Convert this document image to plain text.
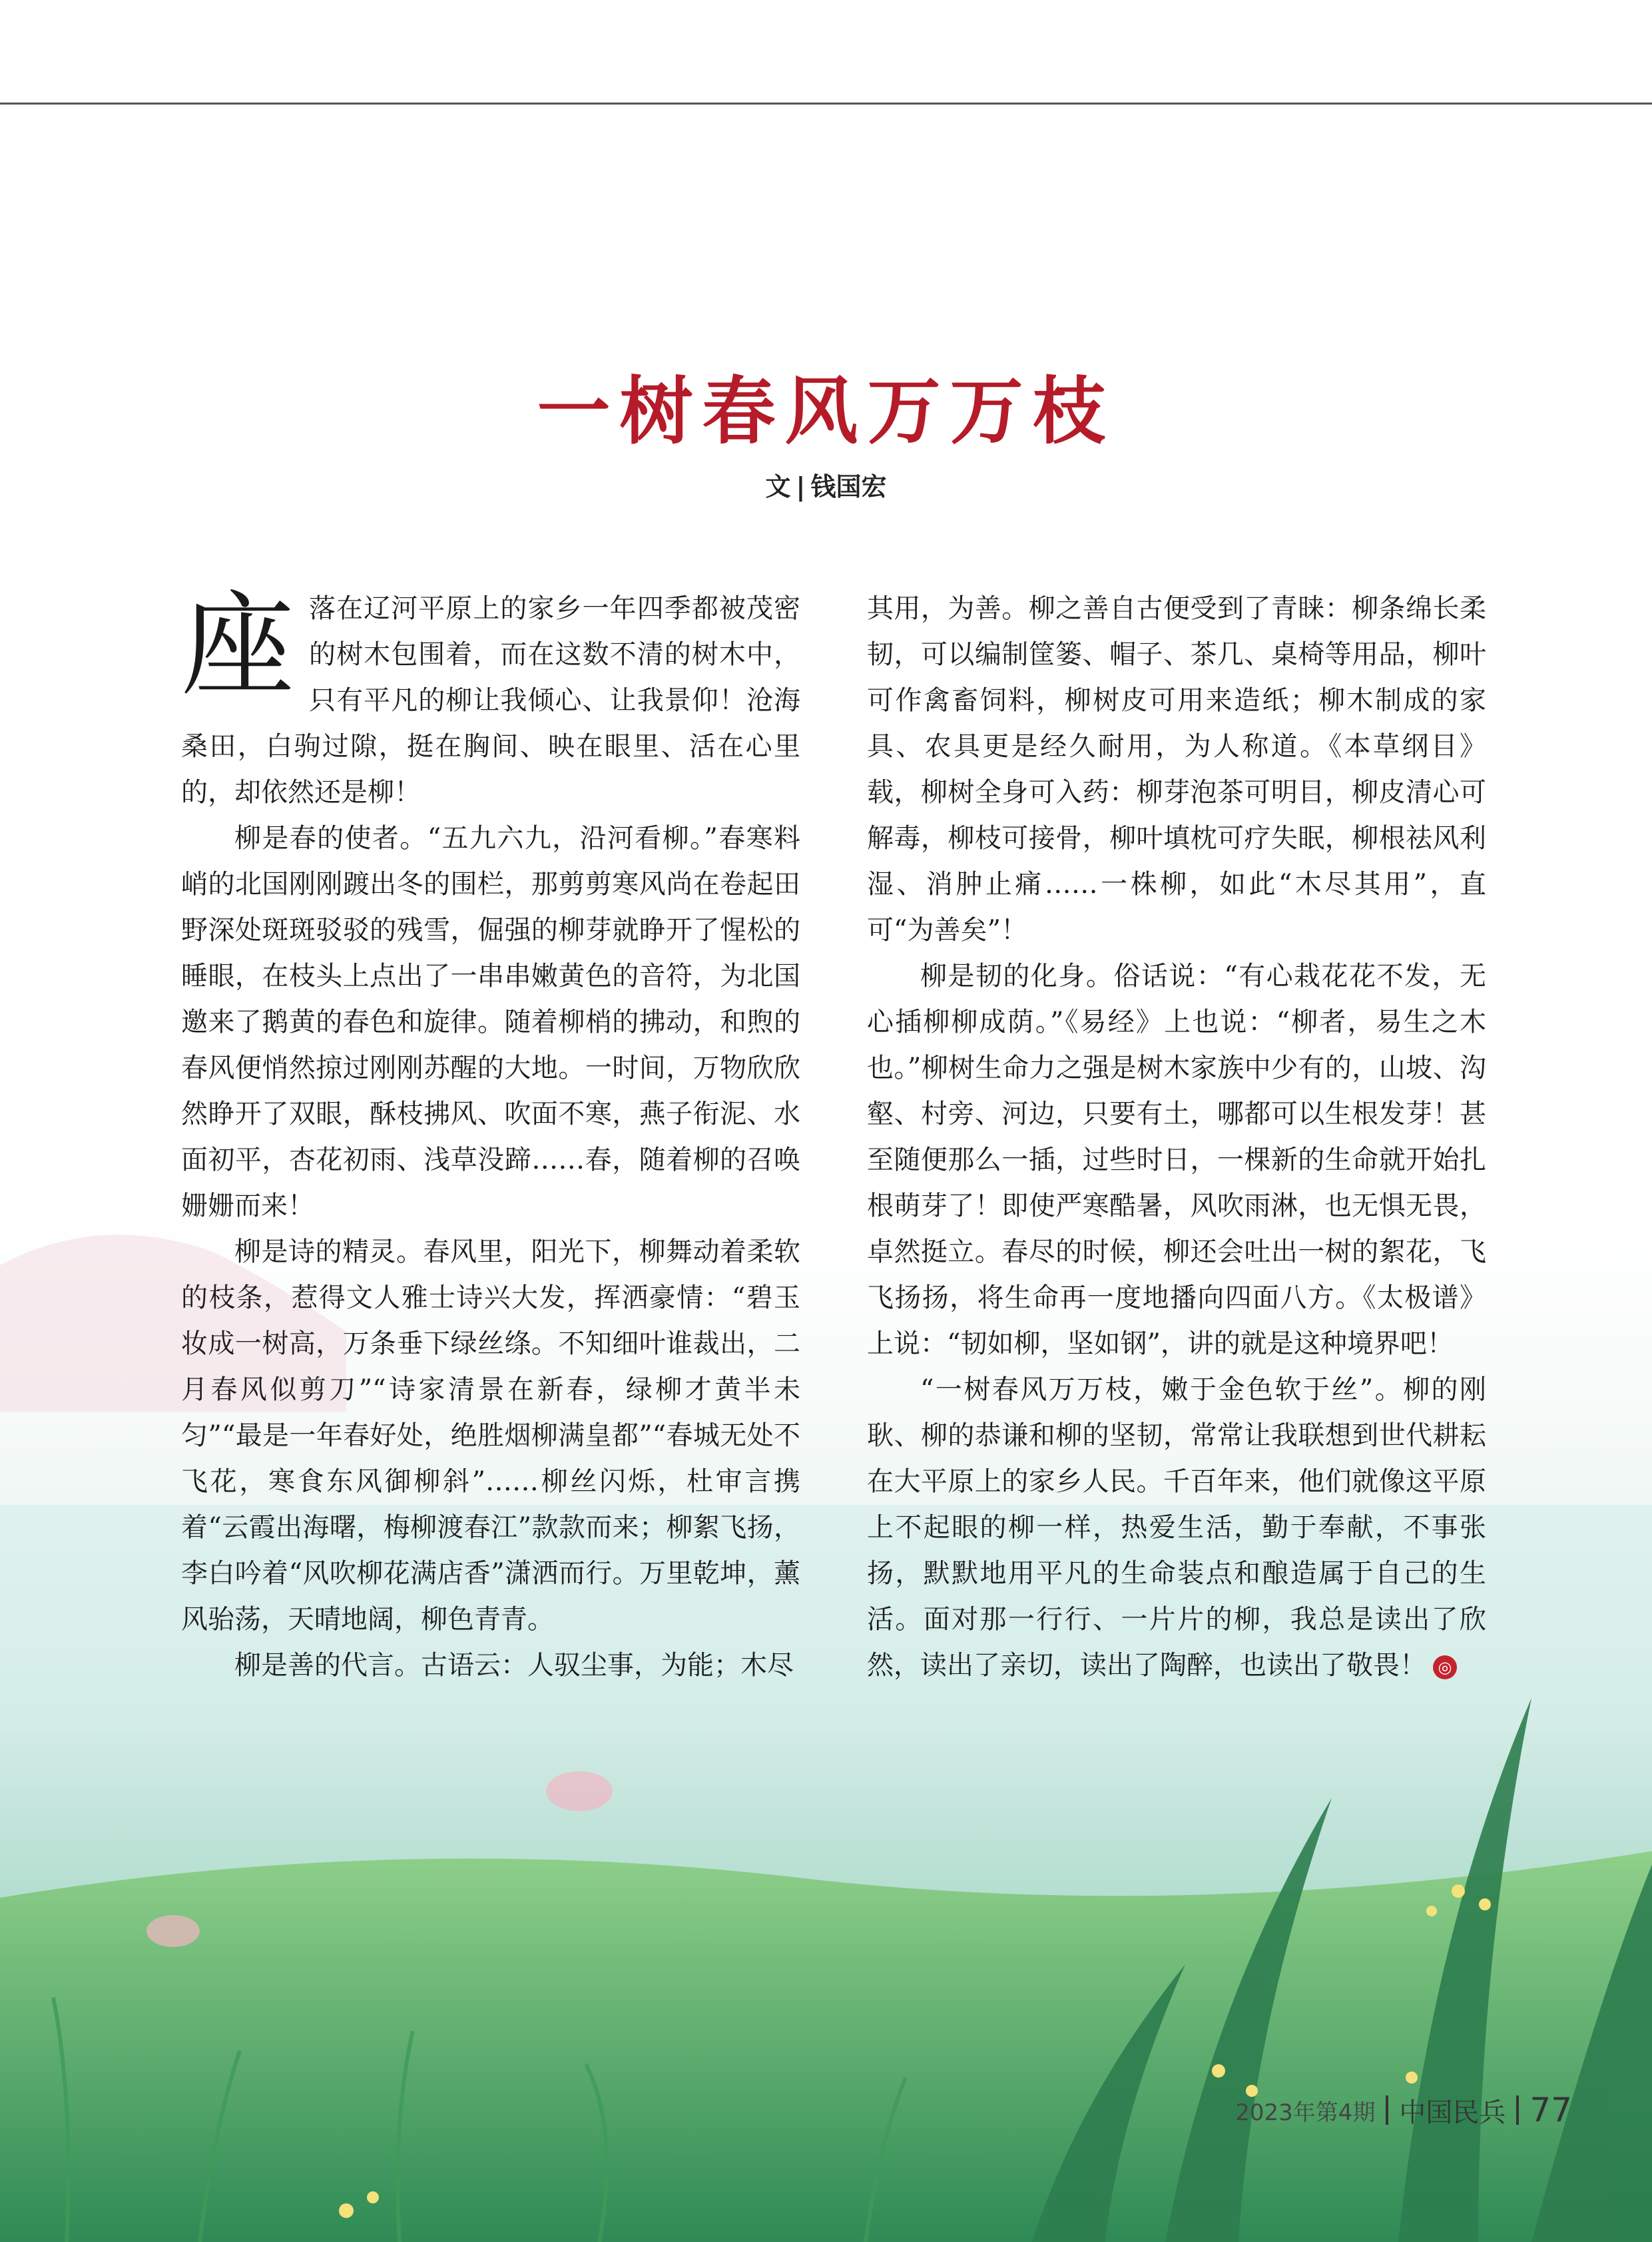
一树春风万万枝
文 | 钱国宏

座落在辽河平原上的家乡一年四季都被茂密的树木包围着，而在这数不清的树木中，只有平凡的柳让我倾心、让我景仰！沧海桑田，白驹过隙，挺在胸间、映在眼里、活在心里的，却依然还是柳！

柳是春的使者。“五九六九，沿河看柳。”春寒料峭的北国刚刚踱出冬的围栏，那剪剪寒风尚在卷起田野深处斑斑驳驳的残雪，倔强的柳芽就睁开了惺松的睡眼，在枝头上点出了一串串嫩黄色的音符，为北国邀来了鹅黄的春色和旋律。随着柳梢的拂动，和煦的春风便悄然掠过刚刚苏醒的大地。一时间，万物欣欣然睁开了双眼，酥枝拂风、吹面不寒，燕子衔泥、水面初平，杏花初雨、浅草没蹄……春，随着柳的召唤姗姗而来！

柳是诗的精灵。春风里，阳光下，柳舞动着柔软的枝条，惹得文人雅士诗兴大发，挥洒豪情：“碧玉妆成一树高，万条垂下绿丝绦。不知细叶谁裁出，二月春风似剪刀”“诗家清景在新春，绿柳才黄半未匀”“最是一年春好处，绝胜烟柳满皇都”“春城无处不飞花，寒食东风御柳斜”……柳丝闪烁，杜审言携着“云霞出海曙，梅柳渡春江”款款而来；柳絮飞扬，李白吟着“风吹柳花满店香”潇洒而行。万里乾坤，薰风骀荡，天晴地阔，柳色青青。

柳是善的代言。古语云：人驭尘事，为能；木尽

其用，为善。柳之善自古便受到了青睐：柳条绵长柔韧，可以编制筐篓、帽子、茶几、桌椅等用品，柳叶可作禽畜饲料，柳树皮可用来造纸；柳木制成的家具、农具更是经久耐用，为人称道。《本草纲目》载，柳树全身可入药：柳芽泡茶可明目，柳皮清心可解毒，柳枝可接骨，柳叶填枕可疗失眠，柳根祛风利湿、消肿止痛……一株柳，如此“木尽其用”，直可“为善矣”！

柳是韧的化身。俗话说：“有心栽花花不发，无心插柳柳成荫。”《易经》上也说：“柳者，易生之木也。”柳树生命力之强是树木家族中少有的，山坡、沟壑、村旁、河边，只要有土，哪都可以生根发芽！甚至随便那么一插，过些时日，一棵新的生命就开始扎根萌芽了！即使严寒酷暑，风吹雨淋，也无惧无畏，卓然挺立。春尽的时候，柳还会吐出一树的絮花，飞飞扬扬，将生命再一度地播向四面八方。《太极谱》上说：“韧如柳，坚如钢”，讲的就是这种境界吧！

“一树春风万万枝，嫩于金色软于丝”。柳的刚耿、柳的恭谦和柳的坚韧，常常让我联想到世代耕耘在大平原上的家乡人民。千百年来，他们就像这平原上不起眼的柳一样，热爱生活，勤于奉献，不事张扬，默默地用平凡的生命装点和酿造属于自己的生活。面对那一行行、一片片的柳，我总是读出了欣然，读出了亲切，读出了陶醉，也读出了敬畏！ ◎

2023年第4期 中国民兵 77
